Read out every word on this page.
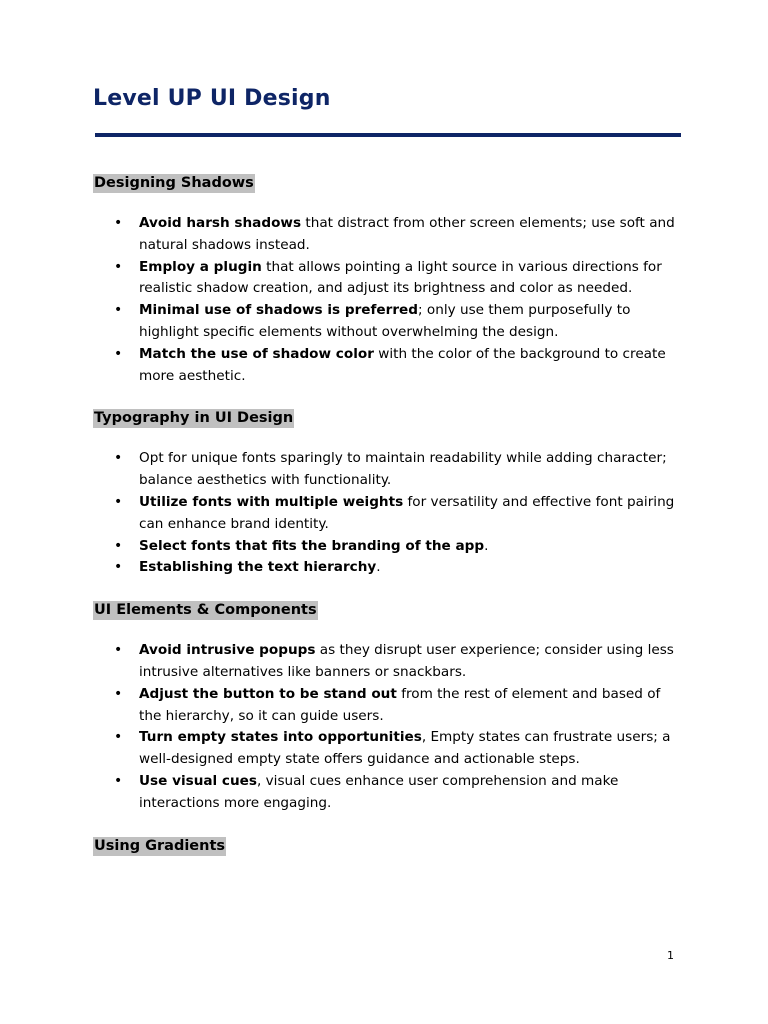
Level UP UI Design
Designing Shadows
• Avoid harsh shadows that distract from other screen elements; use soft and natural shadows instead.
• Employ a plugin that allows pointing a light source in various directions for realistic shadow creation, and adjust its brightness and color as needed.
• Minimal use of shadows is preferred; only use them purposefully to highlight specific elements without overwhelming the design.
• Match the use of shadow color with the color of the background to create more aesthetic.
Typography in UI Design
• Opt for unique fonts sparingly to maintain readability while adding character; balance aesthetics with functionality.
• Utilize fonts with multiple weights for versatility and effective font pairing can enhance brand identity.
• Select fonts that fits the branding of the app.
• Establishing the text hierarchy.
UI Elements & Components
• Avoid intrusive popups as they disrupt user experience; consider using less intrusive alternatives like banners or snackbars.
• Adjust the button to be stand out from the rest of element and based of the hierarchy, so it can guide users.
• Turn empty states into opportunities, Empty states can frustrate users; a well-designed empty state offers guidance and actionable steps.
• Use visual cues, visual cues enhance user comprehension and make interactions more engaging.
Using Gradients
1
